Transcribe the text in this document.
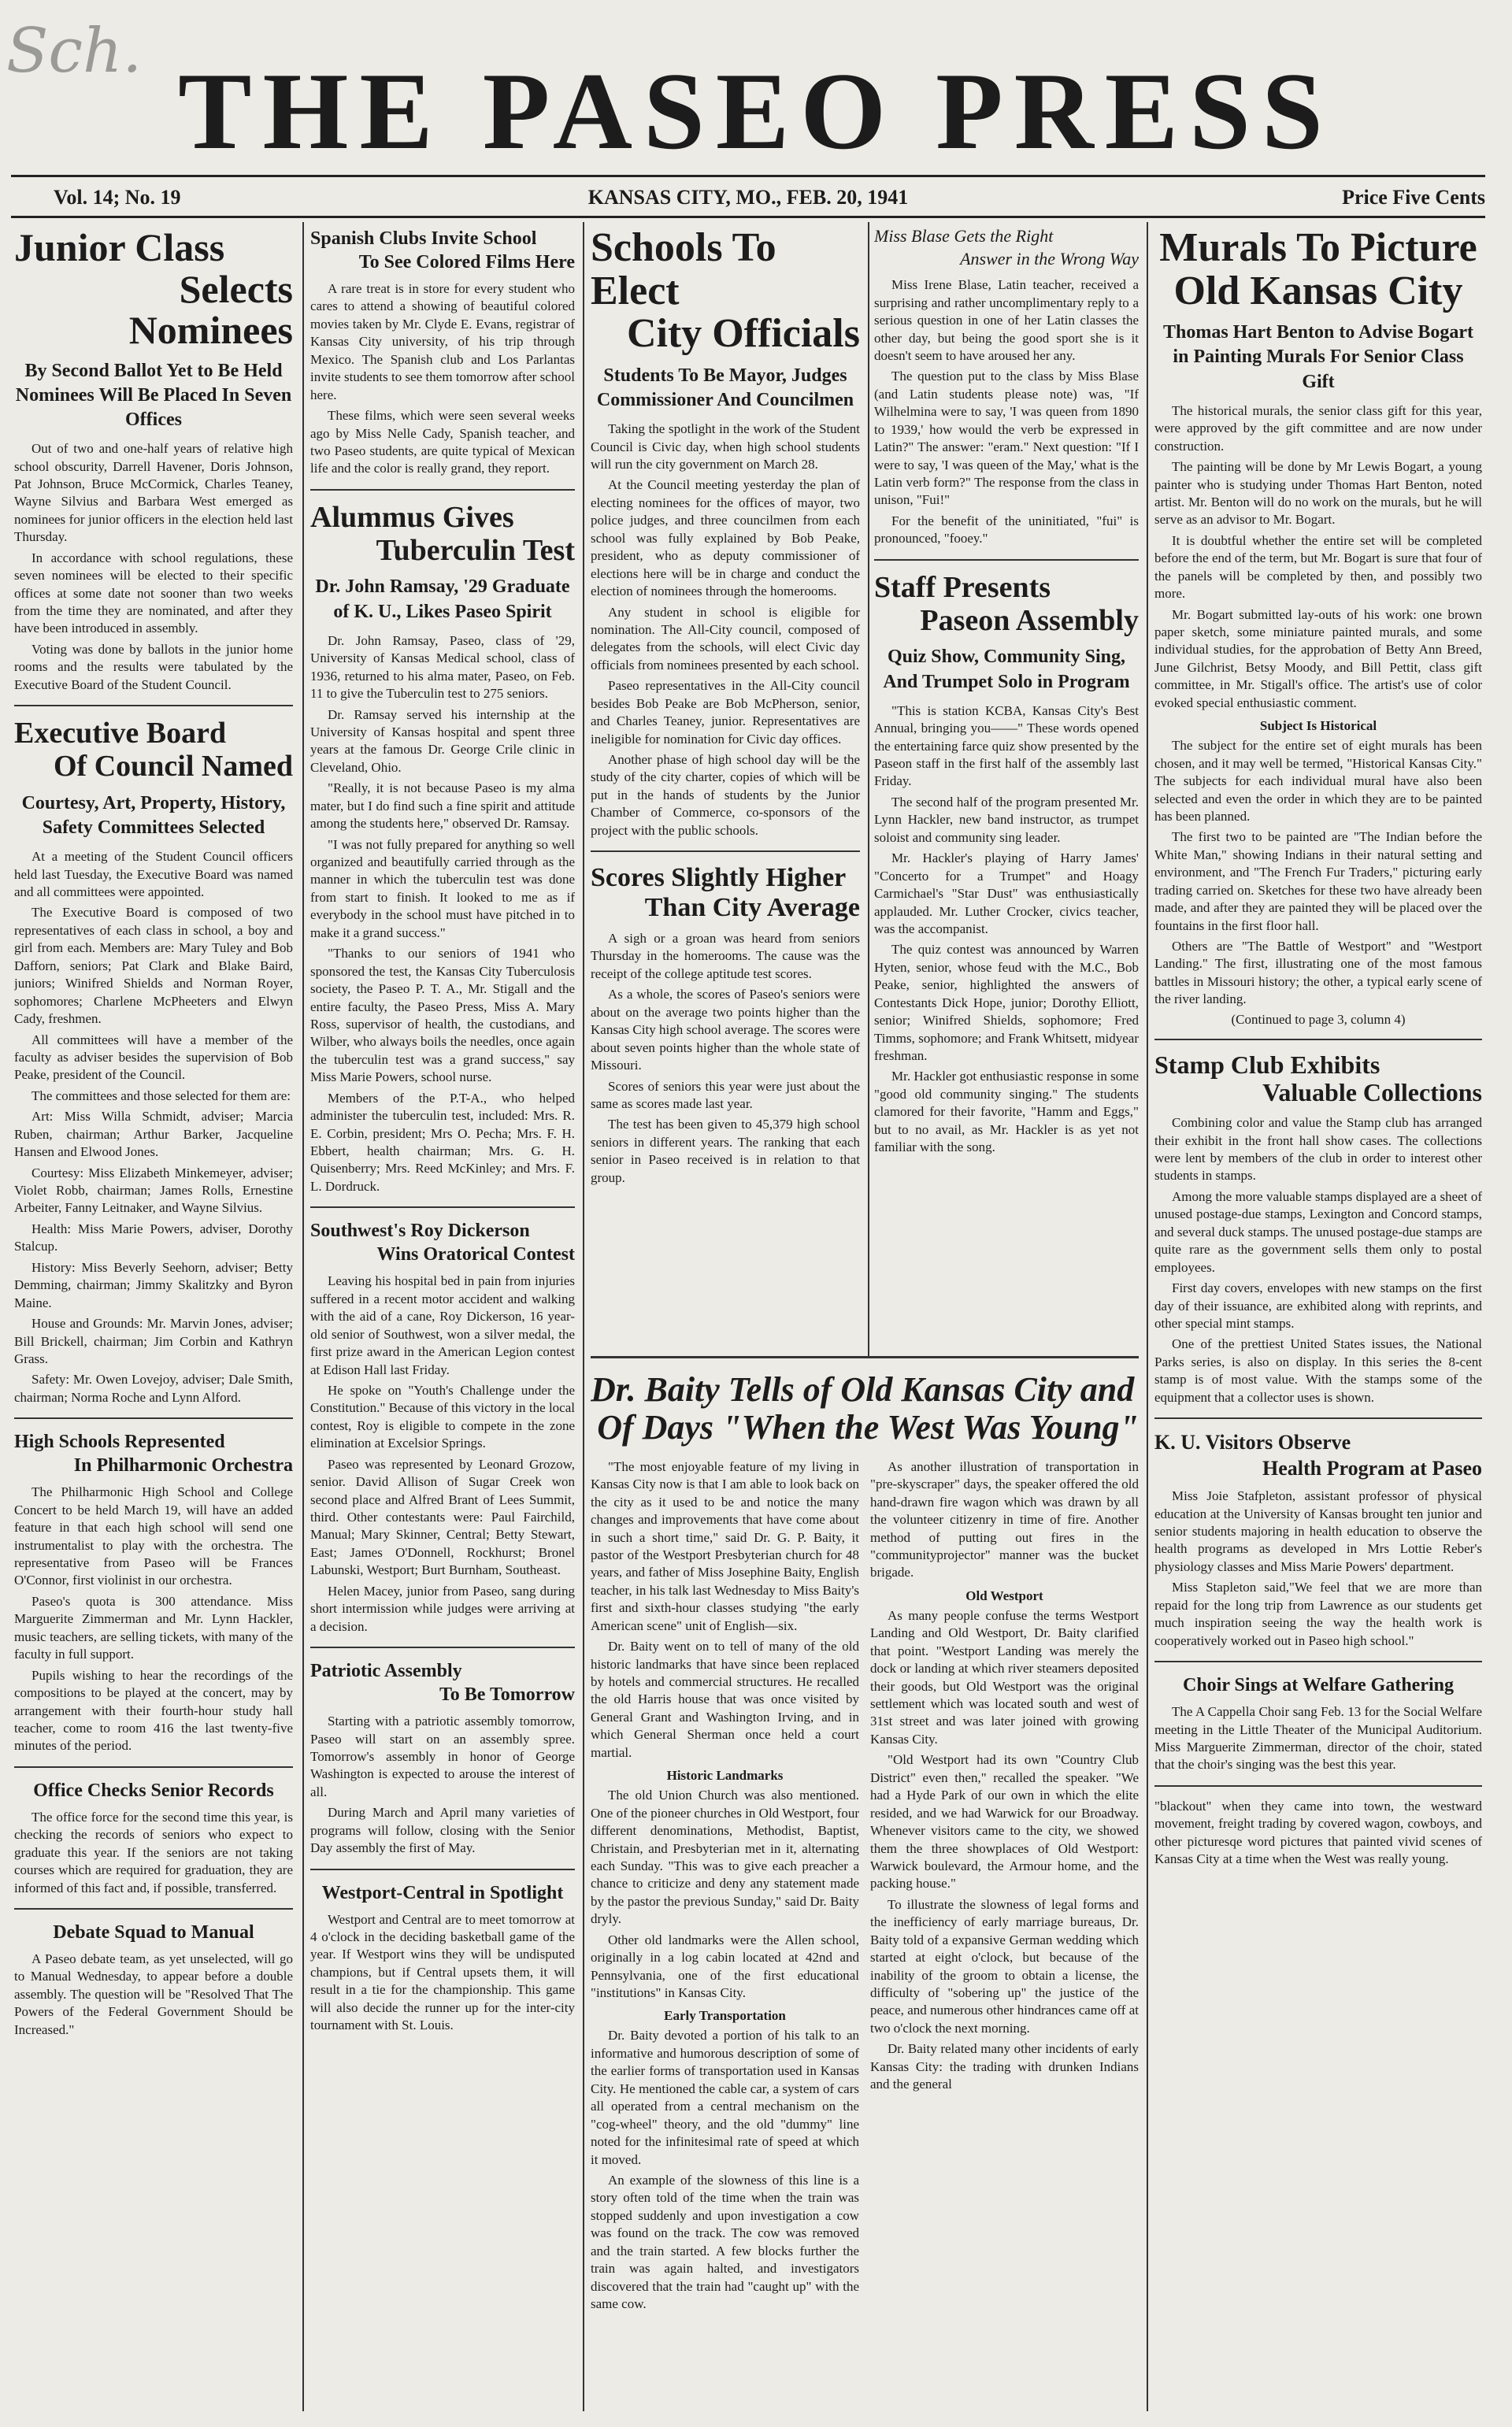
Sch. THE PASEO PRESS
Vol. 14; No. 19	KANSAS CITY, MO., FEB. 20, 1941	Price Five Cents
Junior Class
Selects Nominees
By Second Ballot Yet to Be Held Nominees Will Be Placed In Seven Offices

Out of two and one-half years of relative high school obscurity, Darrell Havener, Doris Johnson, Pat Johnson, Bruce McCormick, Charles Teaney, Wayne Silvius and Barbara West emerged as nominees for junior officers in the election held last Thursday.

In accordance with school regulations, these seven nominees will be elected to their specific offices at some date not sooner than two weeks from the time they are nominated, and after they have been introduced in assembly.

Voting was done by ballots in the junior home rooms and the results were tabulated by the Executive Board of the Student Council.

Executive Board
Of Council Named
Courtesy, Art, Property, History, Safety Committees Selected

At a meeting of the Student Council officers held last Tuesday, the Executive Board was named and all committees were appointed.

The Executive Board is composed of two representatives of each class in school, a boy and girl from each. Members are: Mary Tuley and Bob Dafforn, seniors; Pat Clark and Blake Baird, juniors; Winifred Shields and Norman Royer, sophomores; Charlene McPheeters and Elwyn Cady, freshmen.

All committees will have a member of the faculty as adviser besides the supervision of Bob Peake, president of the Council.

The committees and those selected for them are:

Art: Miss Willa Schmidt, adviser; Marcia Ruben, chairman; Arthur Barker, Jacqueline Hansen and Elwood Jones.

Courtesy: Miss Elizabeth Minkemeyer, adviser; Violet Robb, chairman; James Rolls, Ernestine Arbeiter, Fanny Leitnaker, and Wayne Silvius.

Health: Miss Marie Powers, adviser, Dorothy Stalcup.

History: Miss Beverly Seehorn, adviser; Betty Demming, chairman; Jimmy Skalitzky and Byron Maine.

House and Grounds: Mr. Marvin Jones, adviser; Bill Brickell, chairman; Jim Corbin and Kathryn Grass.

Safety: Mr. Owen Lovejoy, adviser; Dale Smith, chairman; Norma Roche and Lynn Alford.

High Schools Represented
In Philharmonic Orchestra

The Philharmonic High School and College Concert to be held March 19, will have an added feature in that each high school will send one instrumentalist to play with the orchestra. The representative from Paseo will be Frances O'Connor, first violinist in our orchestra.

Paseo's quota is 300 attendance. Miss Marguerite Zimmerman and Mr. Lynn Hackler, music teachers, are selling tickets, with many of the faculty in full support.

Pupils wishing to hear the recordings of the compositions to be played at the concert, may by arrangement with their fourth-hour study hall teacher, come to room 416 the last twenty-five minutes of the period.

Office Checks Senior Records

The office force for the second time this year, is checking the records of seniors who expect to graduate this year. If the seniors are not taking courses which are required for graduation, they are informed of this fact and, if possible, transferred.

Debate Squad to Manual

A Paseo debate team, as yet unselected, will go to Manual Wednesday, to appear before a double assembly. The question will be "Resolved That The Powers of the Federal Government Should be Increased."

Spanish Clubs Invite School
To See Colored Films Here

A rare treat is in store for every student who cares to attend a showing of beautiful colored movies taken by Mr. Clyde E. Evans, registrar of Kansas City university, of his trip through Mexico. The Spanish club and Los Parlantas invite students to see them tomorrow after school here.

These films, which were seen several weeks ago by Miss Nelle Cady, Spanish teacher, and two Paseo students, are quite typical of Mexican life and the color is really grand, they report.

Alummus Gives
Tuberculin Test
Dr. John Ramsay, '29 Graduate of K. U., Likes Paseo Spirit

Dr. John Ramsay, Paseo, class of '29, University of Kansas Medical school, class of 1936, returned to his alma mater, Paseo, on Feb. 11 to give the Tuberculin test to 275 seniors.

Dr. Ramsay served his internship at the University of Kansas hospital and spent three years at the famous Dr. George Crile clinic in Cleveland, Ohio.

"Really, it is not because Paseo is my alma mater, but I do find such a fine spirit and attitude among the students here," observed Dr. Ramsay.

"I was not fully prepared for anything so well organized and beautifully carried through as the manner in which the tuberculin test was done from start to finish. It looked to me as if everybody in the school must have pitched in to make it a grand success."

"Thanks to our seniors of 1941 who sponsored the test, the Kansas City Tuberculosis society, the Paseo P. T. A., Mr. Stigall and the entire faculty, the Paseo Press, Miss A. Mary Ross, supervisor of health, the custodians, and Wilber, who always boils the needles, once again the tuberculin test was a grand success," say Miss Marie Powers, school nurse.

Members of the P.T-A., who helped administer the tuberculin test, included: Mrs. R. E. Corbin, president; Mrs O. Pecha; Mrs. F. H. Ebbert, health chairman; Mrs. G. H. Quisenberry; Mrs. Reed McKinley; and Mrs. F. L. Dordruck.

Southwest's Roy Dickerson
Wins Oratorical Contest

Leaving his hospital bed in pain from injuries suffered in a recent motor accident and walking with the aid of a cane, Roy Dickerson, 16 year-old senior of Southwest, won a silver medal, the first prize award in the American Legion contest at Edison Hall last Friday.

He spoke on "Youth's Challenge under the Constitution." Because of this victory in the local contest, Roy is eligible to compete in the zone elimination at Excelsior Springs.

Paseo was represented by Leonard Grozow, senior. David Allison of Sugar Creek won second place and Alfred Brant of Lees Summit, third. Other contestants were: Paul Fairchild, Manual; Mary Skinner, Central; Betty Stewart, East; James O'Donnell, Rockhurst; Bronel Labunski, Westport; Burt Burnham, Southeast.

Helen Macey, junior from Paseo, sang during short intermission while judges were arriving at a decision.

Patriotic Assembly
To Be Tomorrow

Starting with a patriotic assembly tomorrow, Paseo will start on an assembly spree. Tomorrow's assembly in honor of George Washington is expected to arouse the interest of all.

During March and April many varieties of programs will follow, closing with the Senior Day assembly the first of May.

Westport-Central in Spotlight

Westport and Central are to meet tomorrow at 4 o'clock in the deciding basketball game of the year. If Westport wins they will be undisputed champions, but if Central upsets them, it will result in a tie for the championship. This game will also decide the runner up for the inter-city tournament with St. Louis.

Schools To Elect
City Officials
Students To Be Mayor, Judges Commissioner And Councilmen

Taking the spotlight in the work of the Student Council is Civic day, when high school students will run the city government on March 28.

At the Council meeting yesterday the plan of electing nominees for the offices of mayor, two police judges, and three councilmen from each school was fully explained by Bob Peake, president, who as deputy commissioner of elections here will be in charge and conduct the election of nominees through the homerooms.

Any student in school is eligible for nomination. The All-City council, composed of delegates from the schools, will elect Civic day officials from nominees presented by each school.

Paseo representatives in the All-City council besides Bob Peake are Bob McPherson, senior, and Charles Teaney, junior. Representatives are ineligible for nomination for Civic day offices.

Another phase of high school day will be the study of the city charter, copies of which will be put in the hands of students by the Junior Chamber of Commerce, co-sponsors of the project with the public schools.

Scores Slightly Higher
Than City Average

A sigh or a groan was heard from seniors Thursday in the homerooms. The cause was the receipt of the college aptitude test scores.

As a whole, the scores of Paseo's seniors were about on the average two points higher than the Kansas City high school average. The scores were about seven points higher than the whole state of Missouri.

Scores of seniors this year were just about the same as scores made last year.

The test has been given to 45,379 high school seniors in different years. The ranking that each senior in Paseo received is in relation to that group.

Miss Blase Gets the Right
Answer in the Wrong Way

Miss Irene Blase, Latin teacher, received a surprising and rather uncomplimentary reply to a serious question in one of her Latin classes the other day, but being the good sport she is it doesn't seem to have aroused her any.

The question put to the class by Miss Blase (and Latin students please note) was, "If Wilhelmina were to say, 'I was queen from 1890 to 1939,' how would the verb be expressed in Latin?" The answer: "eram." Next question: "If I were to say, 'I was queen of the May,' what is the Latin verb form?" The response from the class in unison, "Fui!"

For the benefit of the uninitiated, "fui" is pronounced, "fooey."

Staff Presents
Paseon Assembly
Quiz Show, Community Sing, And Trumpet Solo in Program

"This is station KCBA, Kansas City's Best Annual, bringing you——" These words opened the entertaining farce quiz show presented by the Paseon staff in the first half of the assembly last Friday.

The second half of the program presented Mr. Lynn Hackler, new band instructor, as trumpet soloist and community sing leader.

Mr. Hackler's playing of Harry James' "Concerto for a Trumpet" and Hoagy Carmichael's "Star Dust" was enthusiastically applauded. Mr. Luther Crocker, civics teacher, was the accompanist.

The quiz contest was announced by Warren Hyten, senior, whose feud with the M.C., Bob Peake, senior, highlighted the answers of Contestants Dick Hope, junior; Dorothy Elliott, senior; Winifred Shields, sophomore; Fred Timms, sophomore; and Frank Whitsett, midyear freshman.

Mr. Hackler got enthusiastic response in some "good old community singing." The students clamored for their favorite, "Hamm and Eggs," but to no avail, as Mr. Hackler is as yet not familiar with the song.

Dr. Baity Tells of Old Kansas City and
Of Days "When the West Was Young"

"The most enjoyable feature of my living in Kansas City now is that I am able to look back on the city as it used to be and notice the many changes and improvements that have come about in such a short time," said Dr. G. P. Baity, it pastor of the Westport Presbyterian church for 48 years, and father of Miss Josephine Baity, English teacher, in his talk last Wednesday to Miss Baity's first and sixth-hour classes studying "the early American scene" unit of English—six.

Dr. Baity went on to tell of many of the old historic landmarks that have since been replaced by hotels and commercial structures. He recalled the old Harris house that was once visited by General Grant and Washington Irving, and in which General Sherman once held a court martial.

Historic Landmarks

The old Union Church was also mentioned. One of the pioneer churches in Old Westport, four different denominations, Methodist, Baptist, Christain, and Presbyterian met in it, alternating each Sunday. "This was to give each preacher a chance to criticize and deny any statement made by the pastor the previous Sunday," said Dr. Baity dryly.

Other old landmarks were the Allen school, originally in a log cabin located at 42nd and Pennsylvania, one of the first educational "institutions" in Kansas City.

Early Transportation

Dr. Baity devoted a portion of his talk to an informative and humorous description of some of the earlier forms of transportation used in Kansas City. He mentioned the cable car, a system of cars all operated from a central mechanism on the "cog-wheel" theory, and the old "dummy" line noted for the infinitesimal rate of speed at which it moved.

An example of the slowness of this line is a story often told of the time when the train was stopped suddenly and upon investigation a cow was found on the track. The cow was removed and the train started. A few blocks further the train was again halted, and investigators discovered that the train had "caught up" with the same cow.

As another illustration of transportation in "pre-skyscraper" days, the speaker offered the old hand-drawn fire wagon which was drawn by all the volunteer citizenry in time of fire. Another method of putting out fires in the "communityprojector" manner was the bucket brigade.

Old Westport

As many people confuse the terms Westport Landing and Old Westport, Dr. Baity clarified that point. "Westport Landing was merely the dock or landing at which river steamers deposited their goods, but Old Westport was the original settlement which was located south and west of 31st street and was later joined with growing Kansas City.

"Old Westport had its own "Country Club District" even then," recalled the speaker. "We had a Hyde Park of our own in which the elite resided, and we had Warwick for our Broadway. Whenever visitors came to the city, we showed them the three showplaces of Old Westport: Warwick boulevard, the Armour home, and the packing house."

To illustrate the slowness of legal forms and the inefficiency of early marriage bureaus, Dr. Baity told of a expansive German wedding which started at eight o'clock, but because of the inability of the groom to obtain a license, the difficulty of "sobering up" the justice of the peace, and numerous other hindrances came off at two o'clock the next morning.

Dr. Baity related many other incidents of early Kansas City: the trading with drunken Indians and the general

Murals To Picture
Old Kansas City
Thomas Hart Benton to Advise Bogart in Painting Murals For Senior Class Gift

The historical murals, the senior class gift for this year, were approved by the gift committee and are now under construction.

The painting will be done by Mr Lewis Bogart, a young painter who is studying under Thomas Hart Benton, noted artist. Mr. Benton will do no work on the murals, but he will serve as an advisor to Mr. Bogart.

It is doubtful whether the entire set will be completed before the end of the term, but Mr. Bogart is sure that four of the panels will be completed by then, and possibly two more.

Mr. Bogart submitted lay-outs of his work: one brown paper sketch, some miniature painted murals, and some individual studies, for the approbation of Betty Ann Breed, June Gilchrist, Betsy Moody, and Bill Pettit, class gift committee, in Mr. Stigall's office. The artist's use of color evoked special enthusiastic comment.

Subject Is Historical

The subject for the entire set of eight murals has been chosen, and it may well be termed, "Historical Kansas City." The subjects for each individual mural have also been selected and even the order in which they are to be painted has been planned.

The first two to be painted are "The Indian before the White Man," showing Indians in their natural setting and environment, and "The French Fur Traders," picturing early trading carried on. Sketches for these two have already been made, and after they are painted they will be placed over the fountains in the first floor hall.

Others are "The Battle of Westport" and "Westport Landing." The first, illustrating one of the most famous battles in Missouri history; the other, a typical early scene of the river landing.

(Continued to page 3, column 4)
Stamp Club Exhibits
Valuable Collections

Combining color and value the Stamp club has arranged their exhibit in the front hall show cases. The collections were lent by members of the club in order to interest other students in stamps.

Among the more valuable stamps displayed are a sheet of unused postage-due stamps, Lexington and Concord stamps, and several duck stamps. The unused postage-due stamps are quite rare as the government sells them only to postal employees.

First day covers, envelopes with new stamps on the first day of their issuance, are exhibited along with reprints, and other special mint stamps.

One of the prettiest United States issues, the National Parks series, is also on display. In this series the 8-cent stamp is of most value. With the stamps some of the equipment that a collector uses is shown.

K. U. Visitors Observe
Health Program at Paseo

Miss Joie Stafpleton, assistant professor of physical education at the University of Kansas brought ten junior and senior students majoring in health education to observe the health programs as developed in Mrs Lottie Reber's physiology classes and Miss Marie Powers' department.

Miss Stapleton said,"We feel that we are more than repaid for the long trip from Lawrence as our students get much inspiration seeing the way the health work is cooperatively worked out in Paseo high school."

Choir Sings at Welfare Gathering

The A Cappella Choir sang Feb. 13 for the Social Welfare meeting in the Little Theater of the Municipal Auditorium. Miss Marguerite Zimmerman, director of the choir, stated that the choir's singing was the best this year.

"blackout" when they came into town, the westward movement, freight trading by covered wagon, cowboys, and other picturesqe word pictures that painted vivid scenes of Kansas City at a time when the West was really young.
